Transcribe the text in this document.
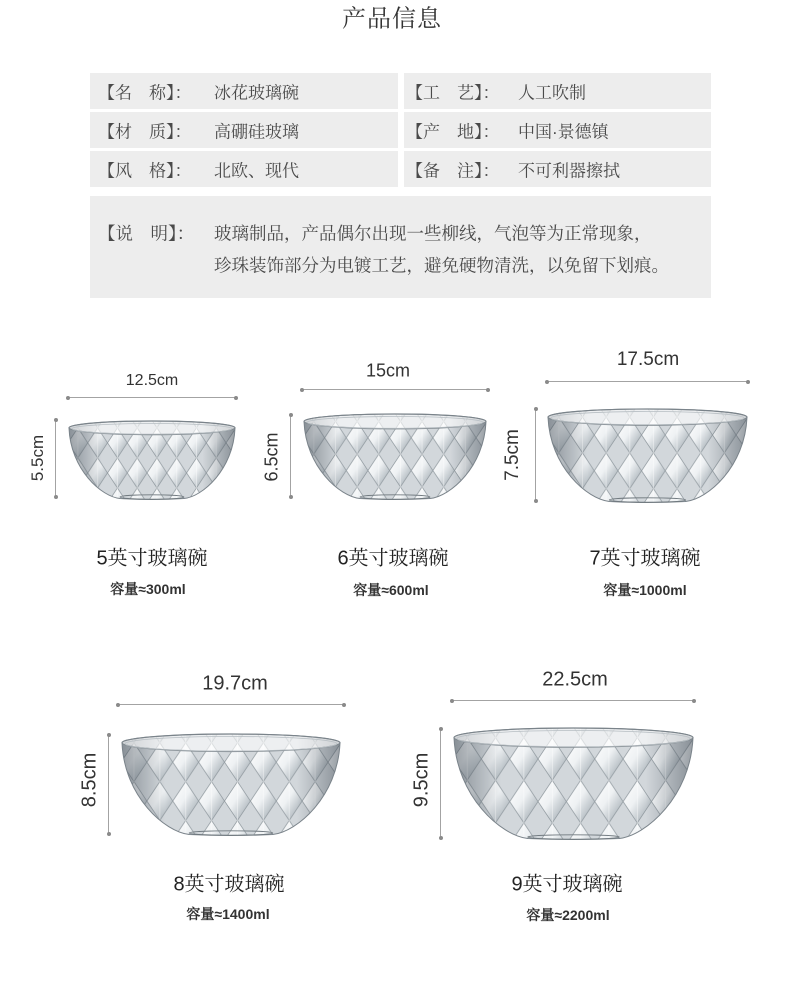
产品信息
【名　称】： 冰花玻璃碗	【工　艺】： 人工吹制
【材　质】： 高硼硅玻璃	【产　地】： 中国·景德镇
【风　格】： 北欧、现代	【备　注】： 不可利器擦拭
【说　明】： 玻璃制品，产品偶尔出现一些柳线，气泡等为正常现象，
珍珠装饰部分为电镀工艺，避免硬物清洗，以免留下划痕。
12.5cm
5.5cm
5英寸玻璃碗
容量≈300ml
15cm
6.5cm
6英寸玻璃碗
容量≈600ml
17.5cm
7.5cm
7英寸玻璃碗
容量≈1000ml
19.7cm
8.5cm
8英寸玻璃碗
容量≈1400ml
22.5cm
9.5cm
9英寸玻璃碗
容量≈2200ml
